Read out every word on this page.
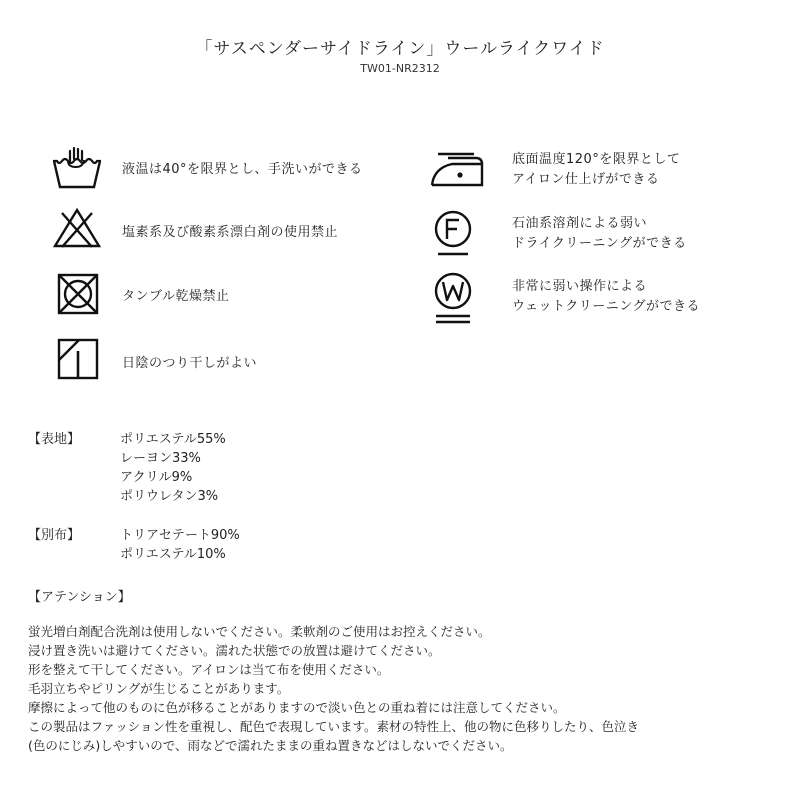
「サスペンダーサイドライン」ウールライクワイド
TW01-NR2312
液温は40°を限界とし、手洗いができる
塩素系及び酸素系漂白剤の使用禁止
タンブル乾燥禁止
日陰のつり干しがよい
底面温度120°を限界として
アイロン仕上げができる
石油系溶剤による弱い
ドライクリーニングができる
非常に弱い操作による
ウェットクリーニングができる
【表地】	ポリエステル55%
レーヨン33%
アクリル9%
ポリウレタン3%
【別布】	トリアセテート90%
ポリエステル10%
【アテンション】
蛍光増白剤配合洗剤は使用しないでください。柔軟剤のご使用はお控えください。
浸け置き洗いは避けてください。濡れた状態での放置は避けてください。
形を整えて干してください。アイロンは当て布を使用ください。
毛羽立ちやピリングが生じることがあります。
摩擦によって他のものに色が移ることがありますので淡い色との重ね着には注意してください。
この製品はファッション性を重視し、配色で表現しています。素材の特性上、他の物に色移りしたり、色泣き
(色のにじみ)しやすいので、雨などで濡れたままの重ね置きなどはしないでください。
